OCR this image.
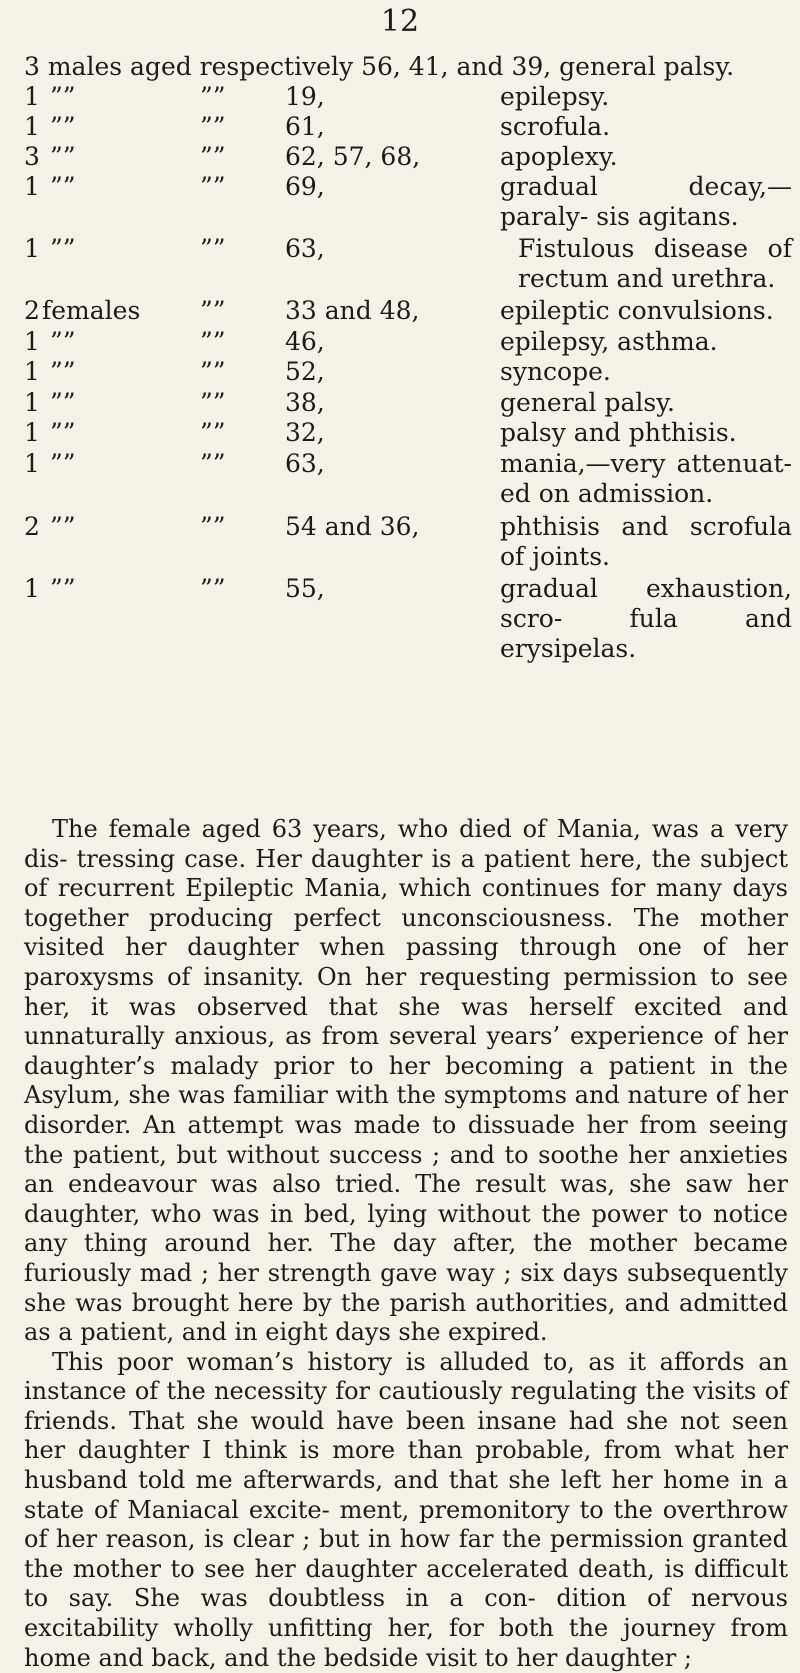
12
3 males aged respectively 56, 41, and 39, general palsy.
1 ””	”” 19,	epilepsy.
1 ””	”” 61,	scrofula.
3 ””	”” 62, 57, 68,	apoplexy.
1 ””	”” 69,	gradual decay,—paraly- sis agitans.
1 ””	”” 63,	Fistulous disease of rectum and urethra.
2 females ”” 33 and 48,	epileptic convulsions.
1 ””	”” 46,	epilepsy, asthma.
1 ””	”” 52,	syncope.
1 ””	”” 38,	general palsy.
1 ””	”” 32,	palsy and phthisis.
1 ””	”” 63,	mania,—very attenuat- ed on admission.
2 ””	”” 54 and 36,	phthisis and scrofula of joints.
1 ””	”” 55,	gradual exhaustion, scro- fula and erysipelas.

The female aged 63 years, who died of Mania, was a very dis- tressing case. Her daughter is a patient here, the subject of recurrent Epileptic Mania, which continues for many days together producing perfect unconsciousness. The mother visited her daughter when passing through one of her paroxysms of insanity. On her requesting permission to see her, it was observed that she was herself excited and unnaturally anxious, as from several years’ experience of her daughter’s malady prior to her becoming a patient in the Asylum, she was familiar with the symptoms and nature of her disorder. An attempt was made to dissuade her from seeing the patient, but without success ; and to soothe her anxieties an endeavour was also tried. The result was, she saw her daughter, who was in bed, lying without the power to notice any thing around her. The day after, the mother became furiously mad ; her strength gave way ; six days subsequently she was brought here by the parish authorities, and admitted as a patient, and in eight days she expired.

This poor woman’s history is alluded to, as it affords an instance of the necessity for cautiously regulating the visits of friends. That she would have been insane had she not seen her daughter I think is more than probable, from what her husband told me afterwards, and that she left her home in a state of Maniacal excite- ment, premonitory to the overthrow of her reason, is clear ; but in how far the permission granted the mother to see her daughter accelerated death, is difficult to say. She was doubtless in a con- dition of nervous excitability wholly unfitting her, for both the journey from home and back, and the bedside visit to her daughter ;
